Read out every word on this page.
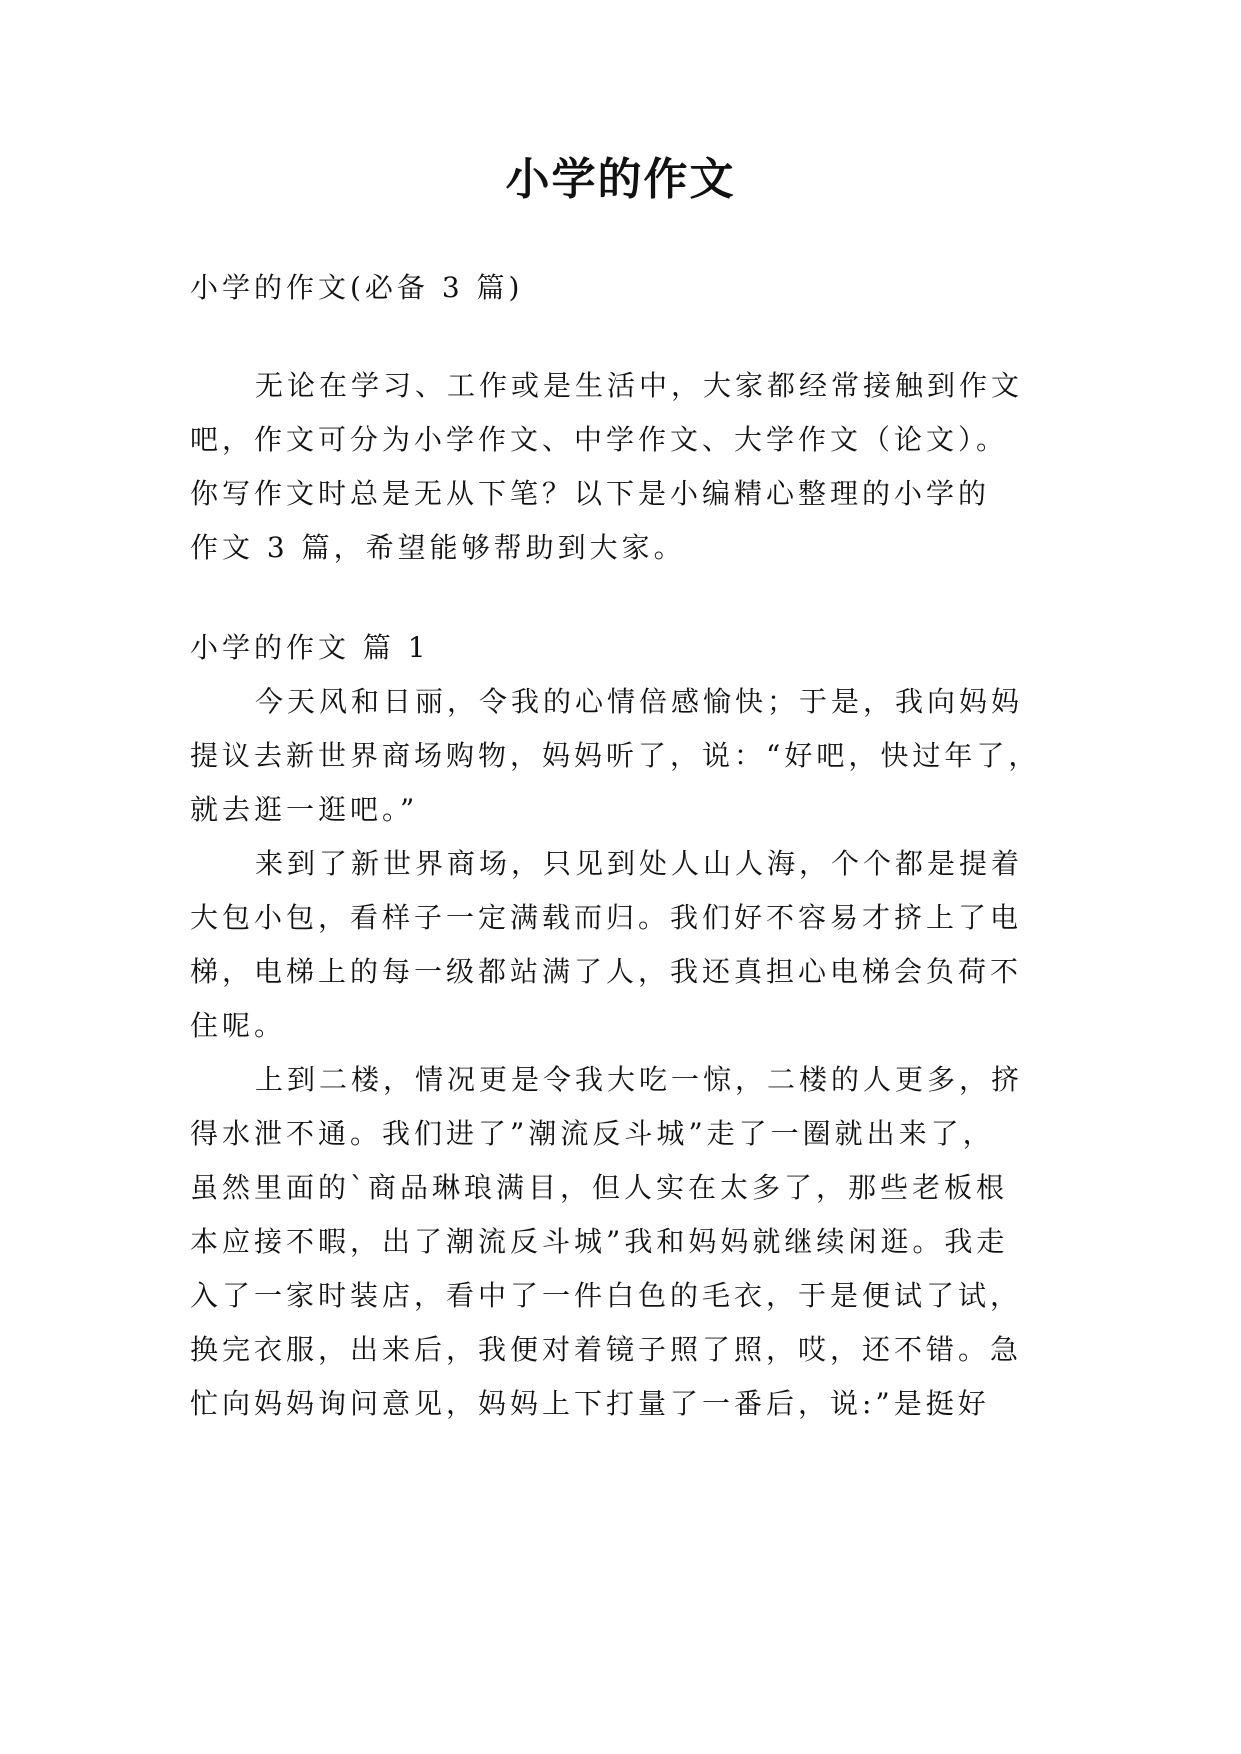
小学的作文

小学的作文(必备 3 篇)

无论在学习、工作或是生活中，大家都经常接触到作文

吧，作文可分为小学作文、中学作文、大学作文（论文）。

你写作文时总是无从下笔？以下是小编精心整理的小学的

作文 3 篇，希望能够帮助到大家。

小学的作文 篇 1

今天风和日丽，令我的心情倍感愉快；于是，我向妈妈

提议去新世界商场购物，妈妈听了，说：“好吧，快过年了，

就去逛一逛吧。”

来到了新世界商场，只见到处人山人海，个个都是提着

大包小包，看样子一定满载而归。我们好不容易才挤上了电

梯，电梯上的每一级都站满了人，我还真担心电梯会负荷不

住呢。

上到二楼，情况更是令我大吃一惊，二楼的人更多，挤

得水泄不通。我们进了”潮流反斗城”走了一圈就出来了，

虽然里面的`商品琳琅满目，但人实在太多了，那些老板根

本应接不暇，出了潮流反斗城”我和妈妈就继续闲逛。我走

入了一家时装店，看中了一件白色的毛衣，于是便试了试，

换完衣服，出来后，我便对着镜子照了照，哎，还不错。急

忙向妈妈询问意见，妈妈上下打量了一番后，说:”是挺好
